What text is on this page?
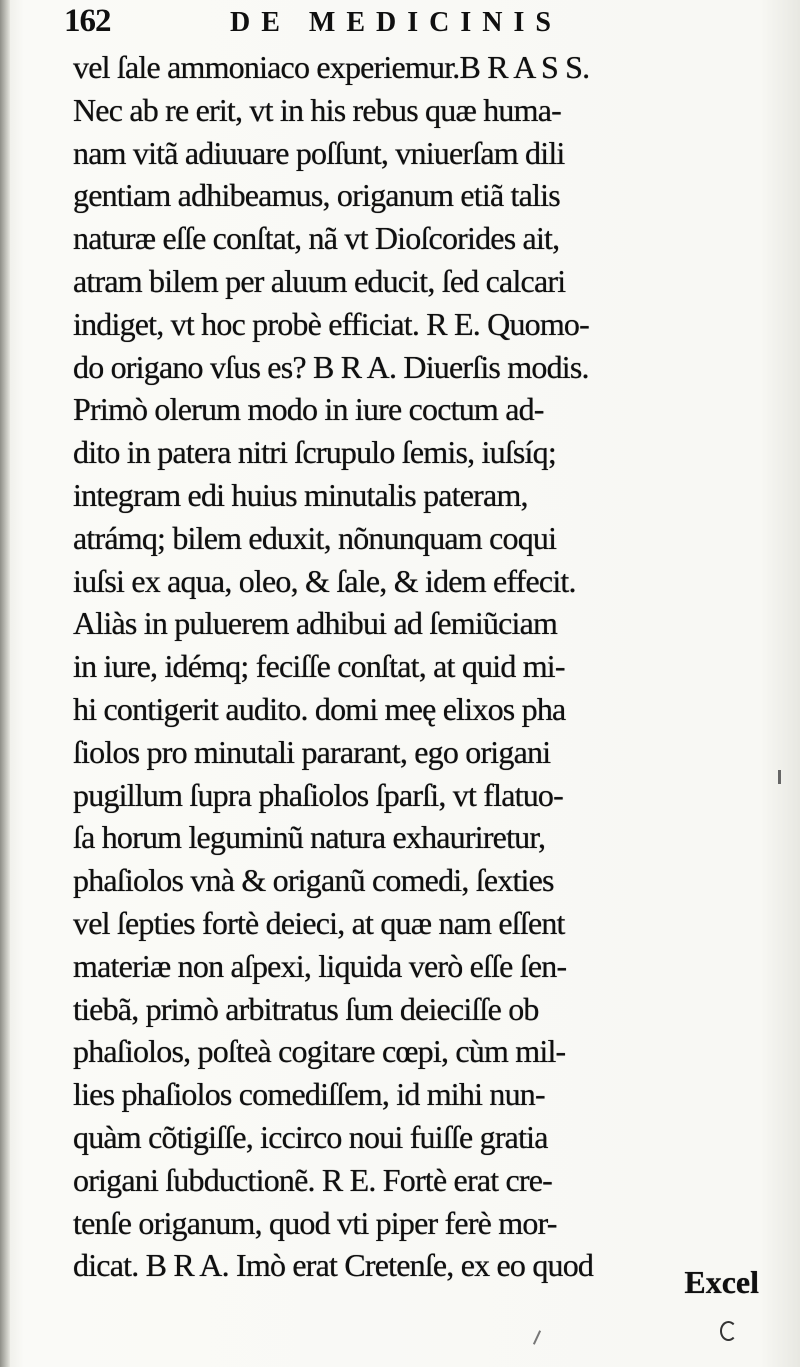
162	DE MEDICINIS
vel ſale ammoniaco experiemur.B R A S S.
Nec ab re erit, vt in his rebus quæ huma-
nam vitã adiuuare poſſunt, vniuerſam dili
gentiam adhibeamus, origanum etiã talis
naturæ eſſe conſtat, nã vt Dioſcorides ait,
atram bilem per aluum educit, ſed calcari
indiget, vt hoc probè efficiat. R E. Quomo-
do origano vſus es? B R A. Diuerſis modis.
Primò olerum modo in iure coctum ad-
dito in patera nitri ſcrupulo ſemis, iuſsíq;
integram edi huius minutalis pateram,
atrámq; bilem eduxit, nõnunquam coqui
iuſsi ex aqua, oleo, & ſale, & idem effecit.
Aliàs in puluerem adhibui ad ſemiũciam
in iure, idémq; feciſſe conſtat, at quid mi-
hi contigerit audito. domi meę elixos pha
ſiolos pro minutali pararant, ego origani
pugillum ſupra phaſiolos ſparſi, vt flatuo-
ſa horum leguminũ natura exhauriretur,
phaſiolos vnà & origanũ comedi, ſexties
vel ſepties fortè deieci, at quæ nam eſſent
materiæ non aſpexi, liquida verò eſſe ſen-
tiebã, primò arbitratus ſum deieciſſe ob
phaſiolos, poſteà cogitare cœpi, cùm mil-
lies phaſiolos comediſſem, id mihi nun-
quàm cõtigiſſe, iccirco noui fuiſſe gratia
origani ſubductionẽ. R E. Fortè erat cre-
tenſe origanum, quod vti piper ferè mor-
dicat. B R A. Imò erat Cretenſe, ex eo quod	Excel
